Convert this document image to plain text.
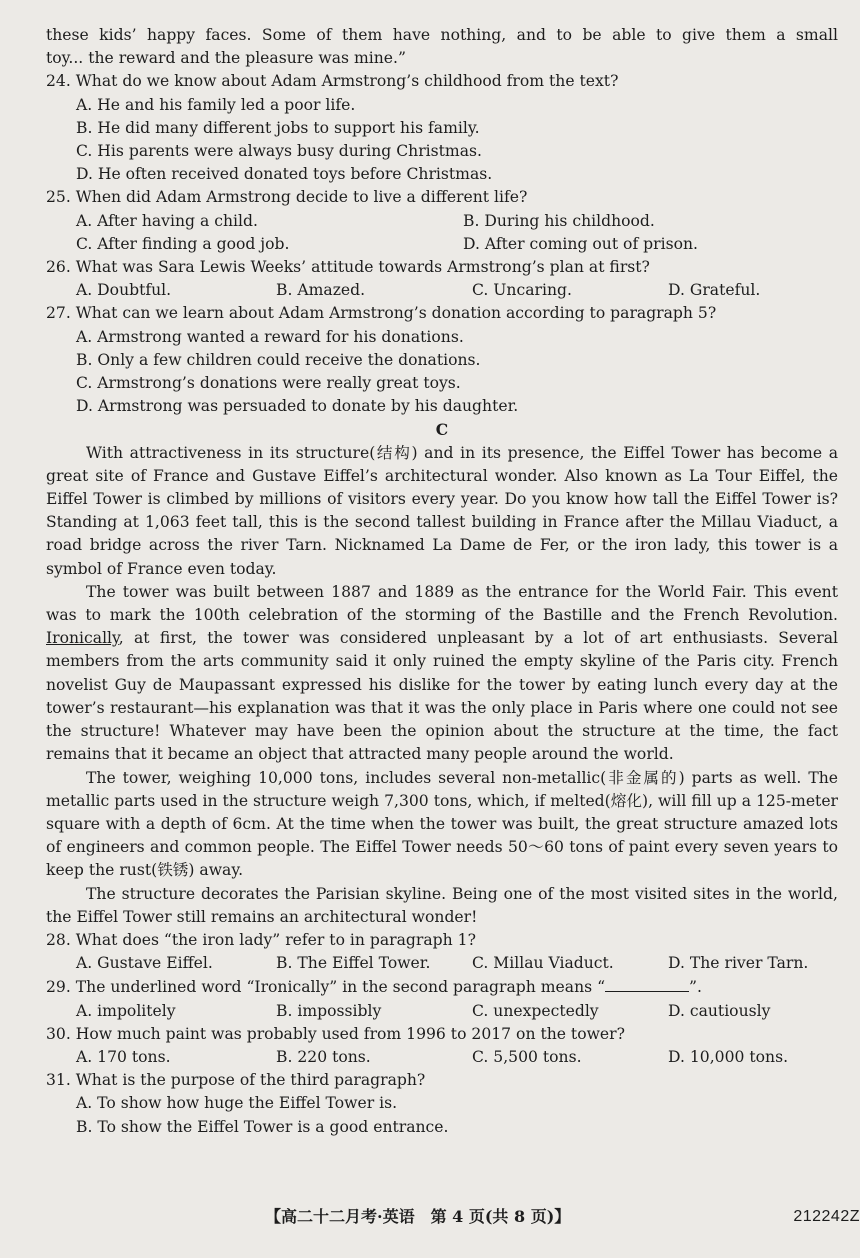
these kids’ happy faces. Some of them have nothing, and to be able to give them a small
toy... the reward and the pleasure was mine.”
24. What do we know about Adam Armstrong’s childhood from the text?
A. He and his family led a poor life.
B. He did many different jobs to support his family.
C. His parents were always busy during Christmas.
D. He often received donated toys before Christmas.
25. When did Adam Armstrong decide to live a different life?
A. After having a child.	B. During his childhood.
C. After finding a good job.	D. After coming out of prison.
26. What was Sara Lewis Weeks’ attitude towards Armstrong’s plan at first?
A. Doubtful.	B. Amazed.	C. Uncaring.	D. Grateful.
27. What can we learn about Adam Armstrong’s donation according to paragraph 5?
A. Armstrong wanted a reward for his donations.
B. Only a few children could receive the donations.
C. Armstrong’s donations were really great toys.
D. Armstrong was persuaded to donate by his daughter.
C
With attractiveness in its structure(结构) and in its presence, the Eiffel Tower has become a great site of France and Gustave Eiffel’s architectural wonder. Also known as La Tour Eiffel, the Eiffel Tower is climbed by millions of visitors every year. Do you know how tall the Eiffel Tower is? Standing at 1,063 feet tall, this is the second tallest building in France after the Millau Viaduct, a road bridge across the river Tarn. Nicknamed La Dame de Fer, or the iron lady, this tower is a symbol of France even today.
The tower was built between 1887 and 1889 as the entrance for the World Fair. This event was to mark the 100th celebration of the storming of the Bastille and the French Revolution. Ironically, at first, the tower was considered unpleasant by a lot of art enthusiasts. Several members from the arts community said it only ruined the empty skyline of the Paris city. French novelist Guy de Maupassant expressed his dislike for the tower by eating lunch every day at the tower’s restaurant—his explanation was that it was the only place in Paris where one could not see the structure! Whatever may have been the opinion about the structure at the time, the fact remains that it became an object that attracted many people around the world.
The tower, weighing 10,000 tons, includes several non-metallic(非金属的) parts as well. The metallic parts used in the structure weigh 7,300 tons, which, if melted(熔化), will fill up a 125-meter square with a depth of 6cm. At the time when the tower was built, the great structure amazed lots of engineers and common people. The Eiffel Tower needs 50～60 tons of paint every seven years to keep the rust(铁锈) away.
The structure decorates the Parisian skyline. Being one of the most visited sites in the world, the Eiffel Tower still remains an architectural wonder!
28. What does “the iron lady” refer to in paragraph 1?
A. Gustave Eiffel.	B. The Eiffel Tower.	C. Millau Viaduct.	D. The river Tarn.
29. The underlined word “Ironically” in the second paragraph means “	”.
A. impolitely	B. impossibly	C. unexpectedly	D. cautiously
30. How much paint was probably used from 1996 to 2017 on the tower?
A. 170 tons.	B. 220 tons.	C. 5,500 tons.	D. 10,000 tons.
31. What is the purpose of the third paragraph?
A. To show how huge the Eiffel Tower is.
B. To show the Eiffel Tower is a good entrance.
【高二十二月考·英语　第 4 页(共 8 页)】	212242Z
